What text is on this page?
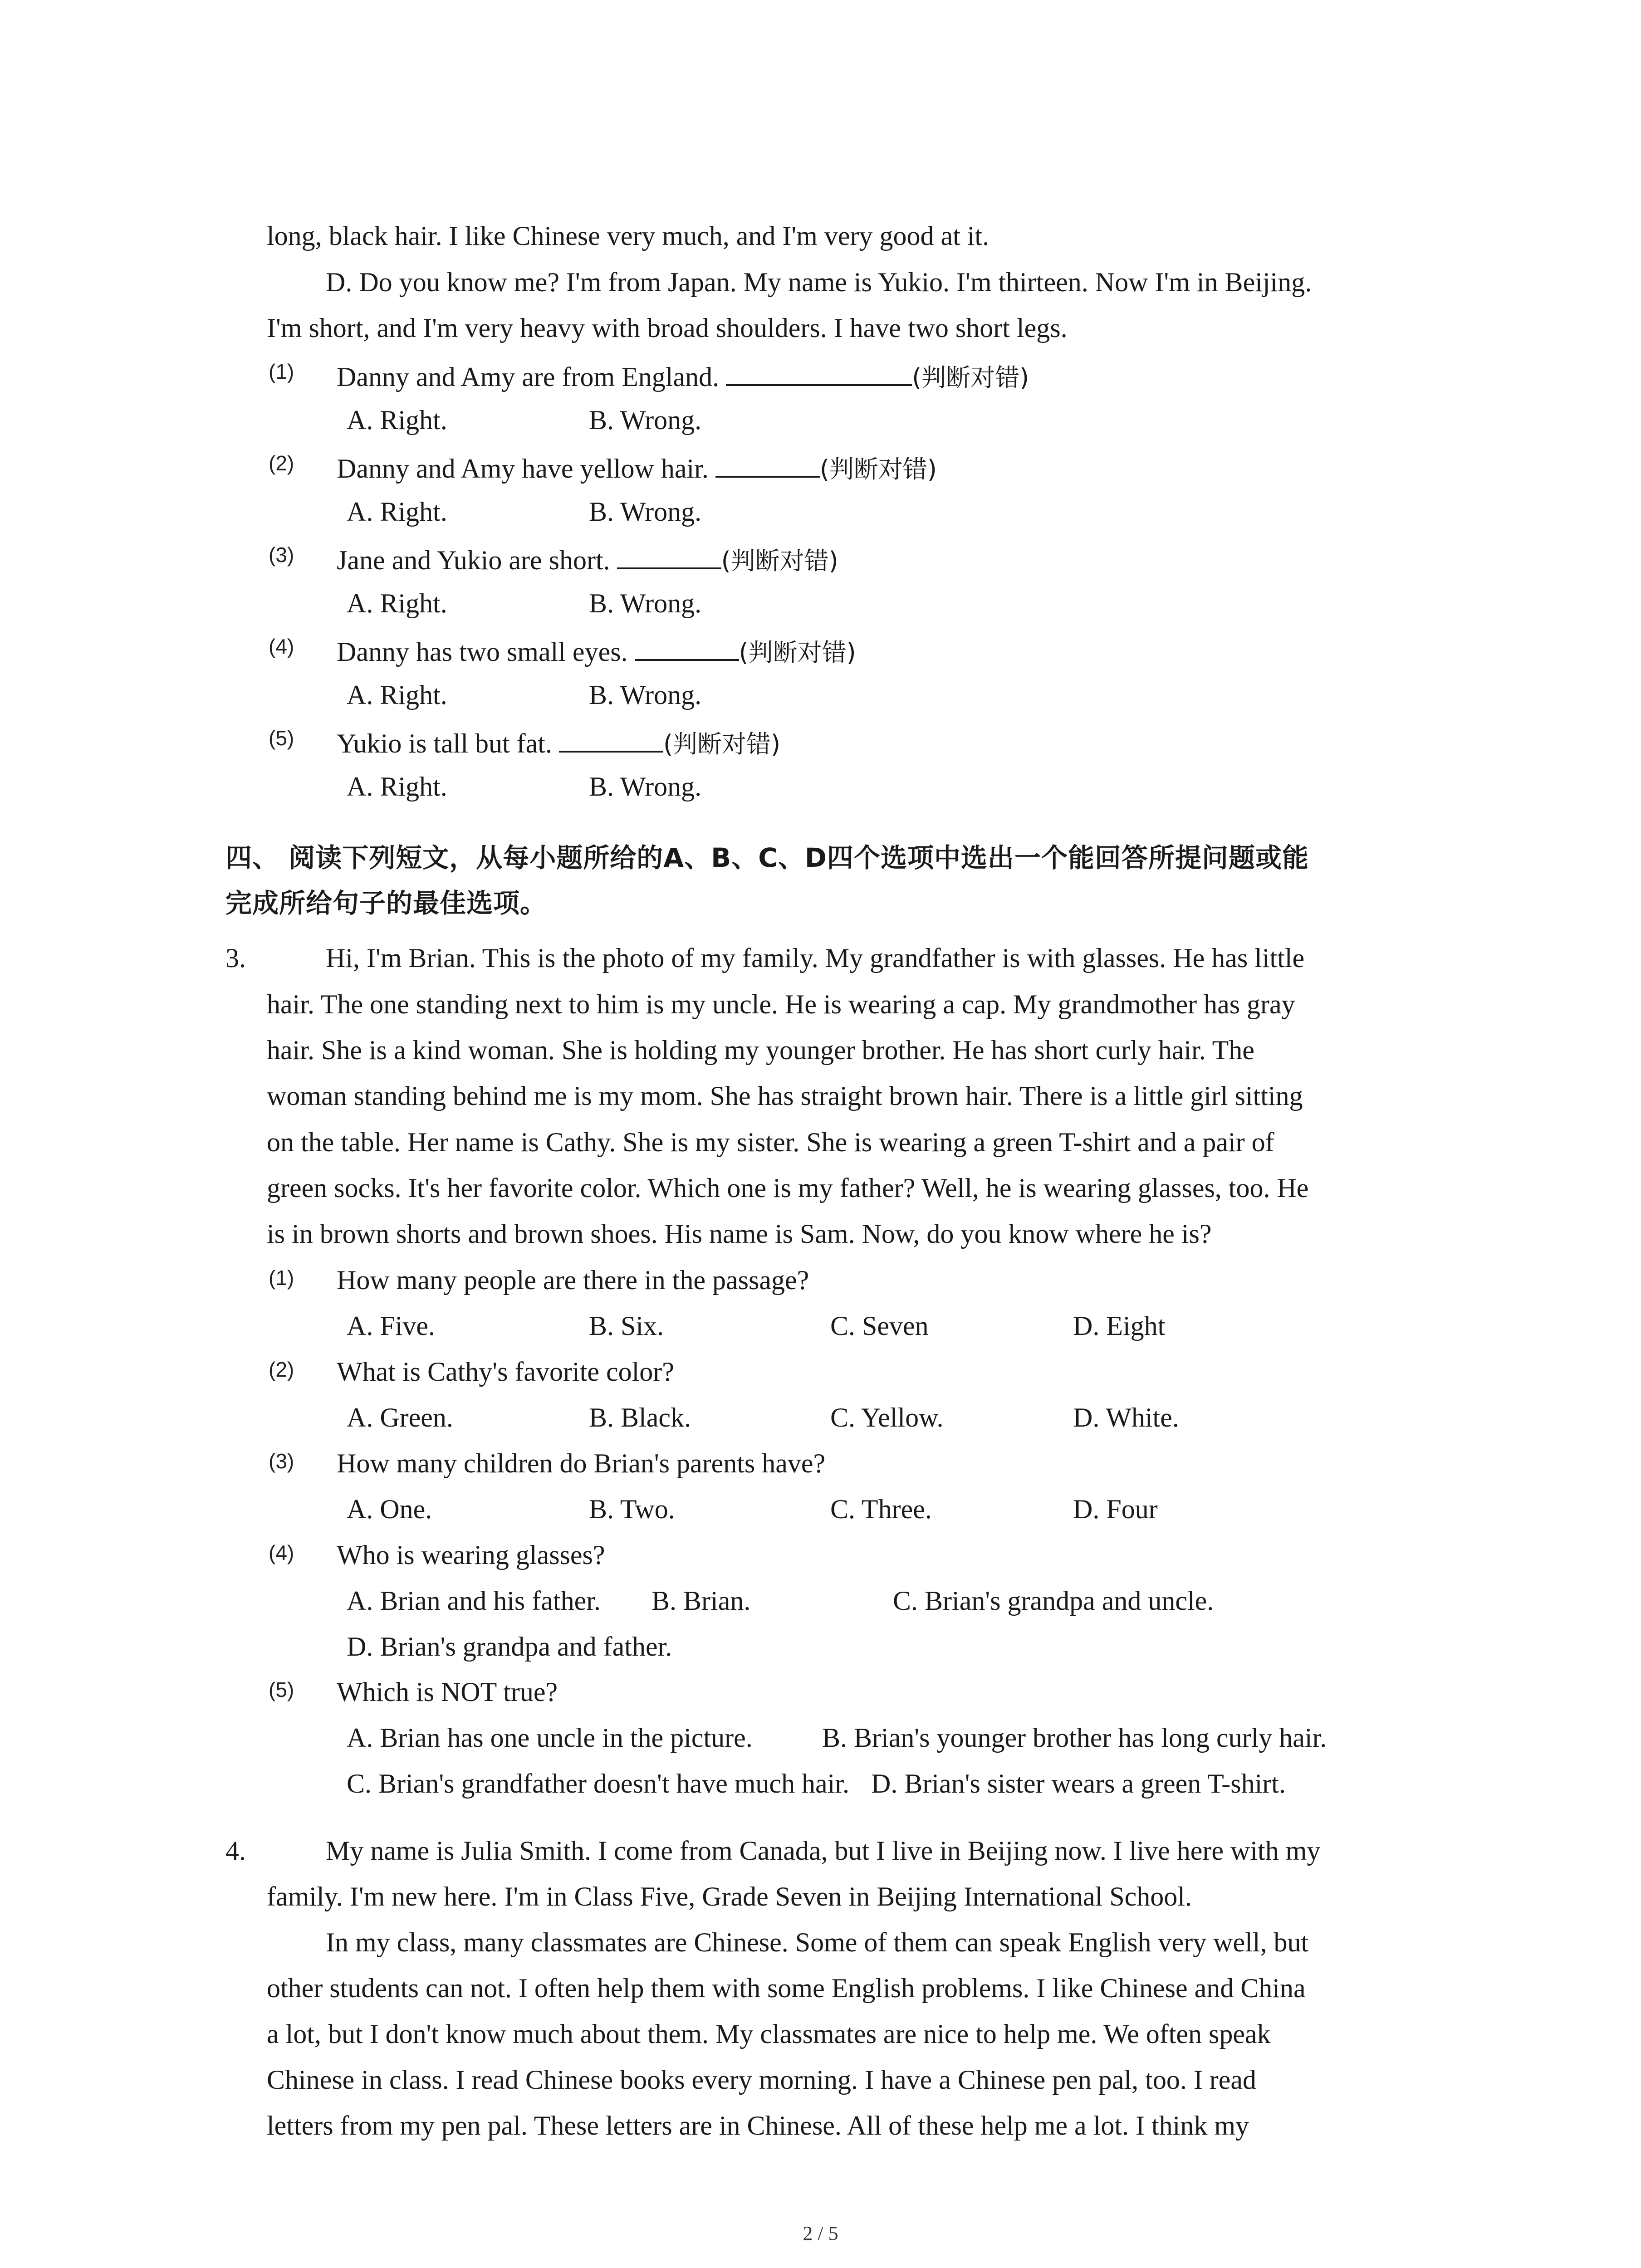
long, black hair. I like Chinese very much, and I'm very good at it.
D. Do you know me? I'm from Japan. My name is Yukio. I'm thirteen. Now I'm in Beijing.
I'm short, and I'm very heavy with broad shoulders. I have two short legs.
(1) Danny and Amy are from England.	(判断对错)
A. Right.	B. Wrong.
(2) Danny and Amy have yellow hair.	(判断对错)
A. Right.	B. Wrong.
(3) Jane and Yukio are short.	(判断对错)
A. Right.	B. Wrong.
(4) Danny has two small eyes.	(判断对错)
A. Right.	B. Wrong.
(5) Yukio is tall but fat.	(判断对错)
A. Right.	B. Wrong.
四、 阅读下列短文，从每小题所给的A、B、C、D四个选项中选出一个能回答所提问题或能
完成所给句子的最佳选项。
3.	Hi, I'm Brian. This is the photo of my family. My grandfather is with glasses. He has little
hair. The one standing next to him is my uncle. He is wearing a cap. My grandmother has gray
hair. She is a kind woman. She is holding my younger brother. He has short curly hair. The
woman standing behind me is my mom. She has straight brown hair. There is a little girl sitting
on the table. Her name is Cathy. She is my sister. She is wearing a green T-shirt and a pair of
green socks. It's her favorite color. Which one is my father? Well, he is wearing glasses, too. He
is in brown shorts and brown shoes. His name is Sam. Now, do you know where he is?
(1) How many people are there in the passage?
A. Five.	B. Six.	C. Seven	D. Eight
(2) What is Cathy's favorite color?
A. Green.	B. Black.	C. Yellow.	D. White.
(3) How many children do Brian's parents have?
A. One.	B. Two.	C. Three.	D. Four
(4) Who is wearing glasses?
A. Brian and his father. B. Brian.	C. Brian's grandpa and uncle.
D. Brian's grandpa and father.
(5) Which is NOT true?
A. Brian has one uncle in the picture.	B. Brian's younger brother has long curly hair.
C. Brian's grandfather doesn't have much hair. D. Brian's sister wears a green T-shirt.
4.	My name is Julia Smith. I come from Canada, but I live in Beijing now. I live here with my
family. I'm new here. I'm in Class Five, Grade Seven in Beijing International School.
In my class, many classmates are Chinese. Some of them can speak English very well, but
other students can not. I often help them with some English problems. I like Chinese and China
a lot, but I don't know much about them. My classmates are nice to help me. We often speak
Chinese in class. I read Chinese books every morning. I have a Chinese pen pal, too. I read
letters from my pen pal. These letters are in Chinese. All of these help me a lot. I think my
2 / 5
